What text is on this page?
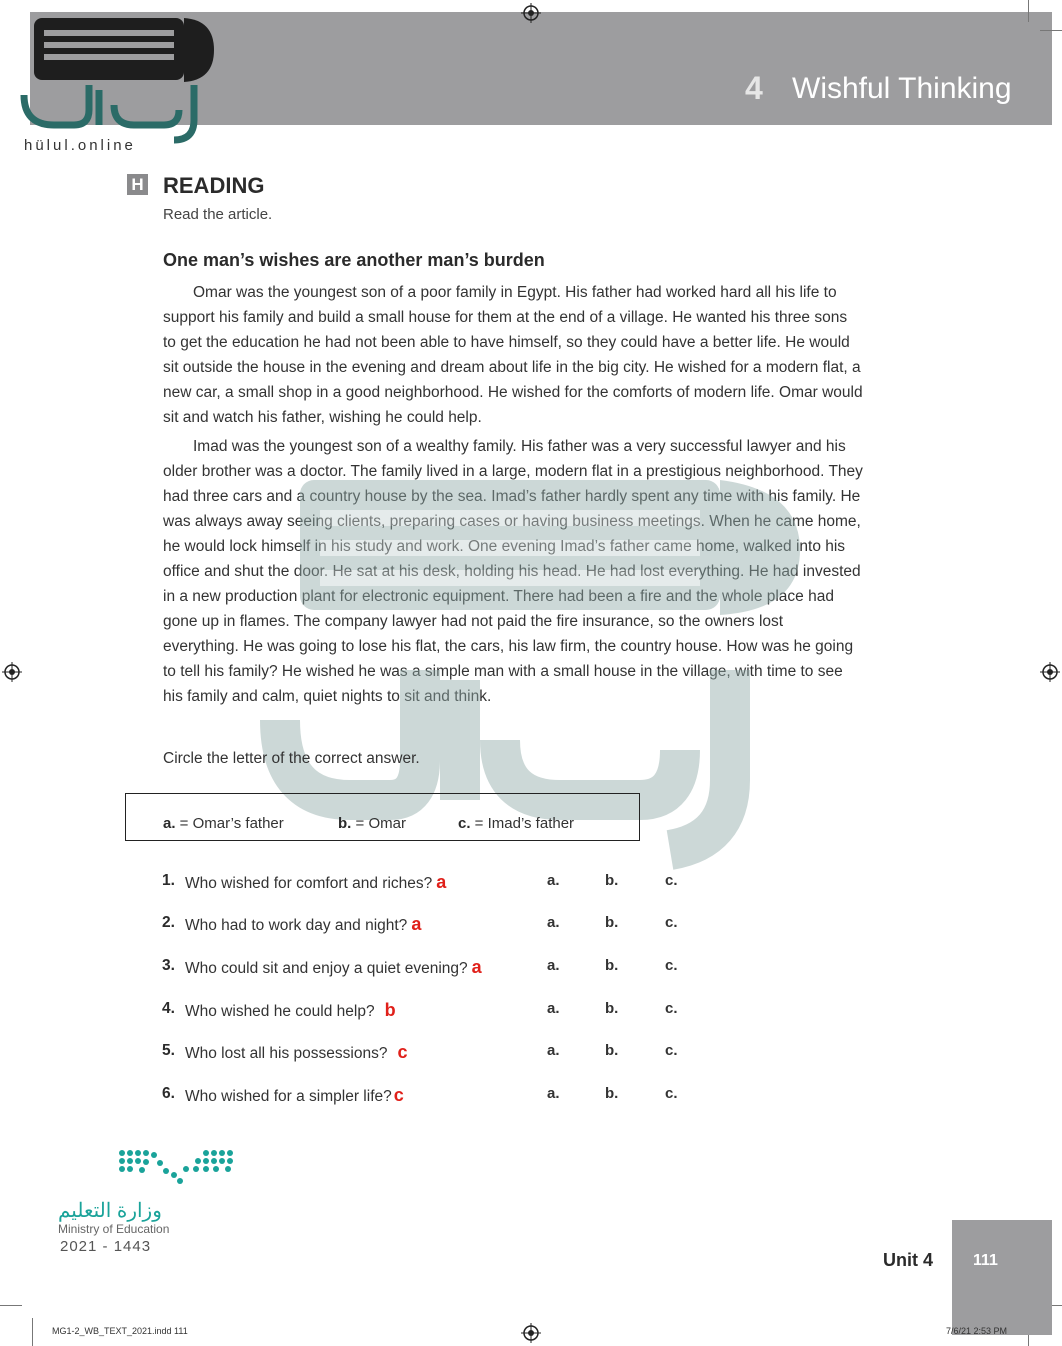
4 Wishful Thinking
hülul.online
H READING
Read the article.
One man’s wishes are another man’s burden

Omar was the youngest son of a poor family in Egypt. His father had worked hard all his life to support his family and build a small house for them at the end of a village. He wanted his three sons to get the education he had not been able to have himself, so they could have a better life. He would sit outside the house in the evening and dream about life in the big city. He wished for a modern flat, a new car, a small shop in a good neighborhood. He wished for the comforts of modern life. Omar would sit and watch his father, wishing he could help.

Imad was the youngest son of a wealthy family. His father was a very successful lawyer and his older brother was a doctor. The family lived in a large, modern flat in a prestigious neighborhood. They had three cars and a country house by the sea. Imad’s father hardly spent any time with his family. He was always away seeing clients, preparing cases or having business meetings. When he came home, he would lock himself in his study and work. One evening Imad’s father came home, walked into his office and shut the door. He sat at his desk, holding his head. He had lost everything. He had invested in a new production plant for electronic equipment. There had been a fire and the whole place had gone up in flames. The company lawyer had not paid the fire insurance, so the owners lost everything. He was going to lose his flat, the cars, his law firm, the country house. How was he going to tell his family? He wished he was a simple man with a small house in the village, with time to see his family and calm, quiet nights to sit and think.

Circle the letter of the correct answer.
a. = Omar’s father	b. = Omar	c. = Imad’s father
1. Who wished for comfort and riches? a	a.	b.	c.
2. Who had to work day and night? a	a.	b.	c.
3. Who could sit and enjoy a quiet evening? a	a.	b.	c.
4. Who wished he could help? b	a.	b.	c.
5. Who lost all his possessions? c	a.	b.	c.
6. Who wished for a simpler life? c	a.	b.	c.
وزارة التعليم
Ministry of Education
2021 - 1443
Unit 4 111
MG1-2_WB_TEXT_2021.indd 111	7/6/21 2:53 PM
